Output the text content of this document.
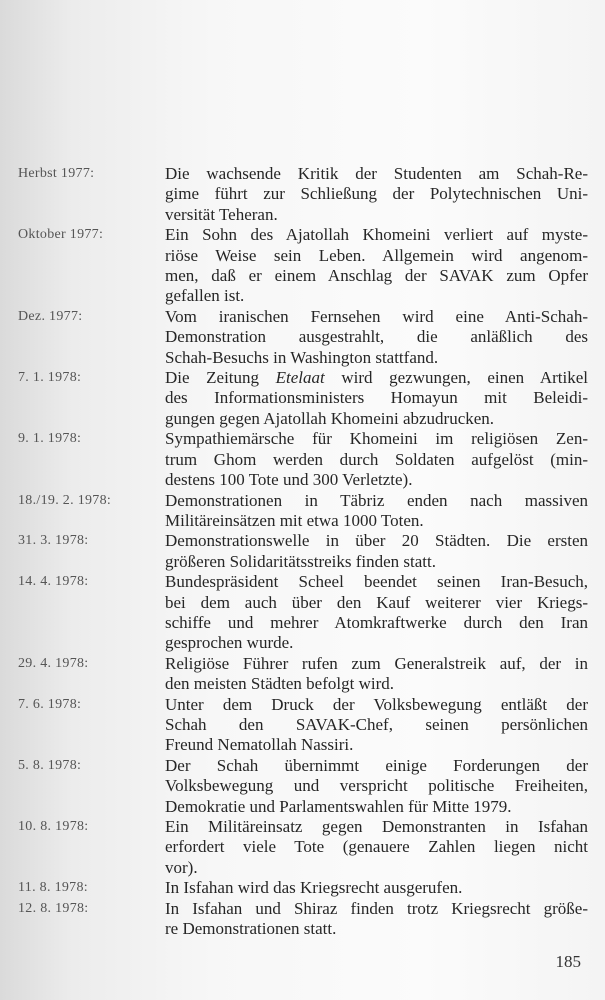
Herbst 1977:	Die wachsende Kritik der Studenten am Schah-Re-
gime führt zur Schließung der Polytechnischen Uni-
versität Teheran.
Oktober 1977:	Ein Sohn des Ajatollah Khomeini verliert auf myste-
riöse Weise sein Leben. Allgemein wird angenom-
men, daß er einem Anschlag der SAVAK zum Opfer
gefallen ist.
Dez. 1977:	Vom iranischen Fernsehen wird eine Anti-Schah-
Demonstration ausgestrahlt, die anläßlich des
Schah-Besuchs in Washington stattfand.
7. 1. 1978:	Die Zeitung Etelaat wird gezwungen, einen Artikel
des Informationsministers Homayun mit Beleidi-
gungen gegen Ajatollah Khomeini abzudrucken.
9. 1. 1978:	Sympathiemärsche für Khomeini im religiösen Zen-
trum Ghom werden durch Soldaten aufgelöst (min-
destens 100 Tote und 300 Verletzte).
18./19. 2. 1978:	Demonstrationen in Täbriz enden nach massiven
Militäreinsätzen mit etwa 1000 Toten.
31. 3. 1978:	Demonstrationswelle in über 20 Städten. Die ersten
größeren Solidaritätsstreiks finden statt.
14. 4. 1978:	Bundespräsident Scheel beendet seinen Iran-Besuch,
bei dem auch über den Kauf weiterer vier Kriegs-
schiffe und mehrer Atomkraftwerke durch den Iran
gesprochen wurde.
29. 4. 1978:	Religiöse Führer rufen zum Generalstreik auf, der in
den meisten Städten befolgt wird.
7. 6. 1978:	Unter dem Druck der Volksbewegung entläßt der
Schah den SAVAK-Chef, seinen persönlichen
Freund Nematollah Nassiri.
5. 8. 1978:	Der Schah übernimmt einige Forderungen der
Volksbewegung und verspricht politische Freiheiten,
Demokratie und Parlamentswahlen für Mitte 1979.
10. 8. 1978:	Ein Militäreinsatz gegen Demonstranten in Isfahan
erfordert viele Tote (genauere Zahlen liegen nicht
vor).
11. 8. 1978:	In Isfahan wird das Kriegsrecht ausgerufen.
12. 8. 1978:	In Isfahan und Shiraz finden trotz Kriegsrecht größe-
re Demonstrationen statt.
185
